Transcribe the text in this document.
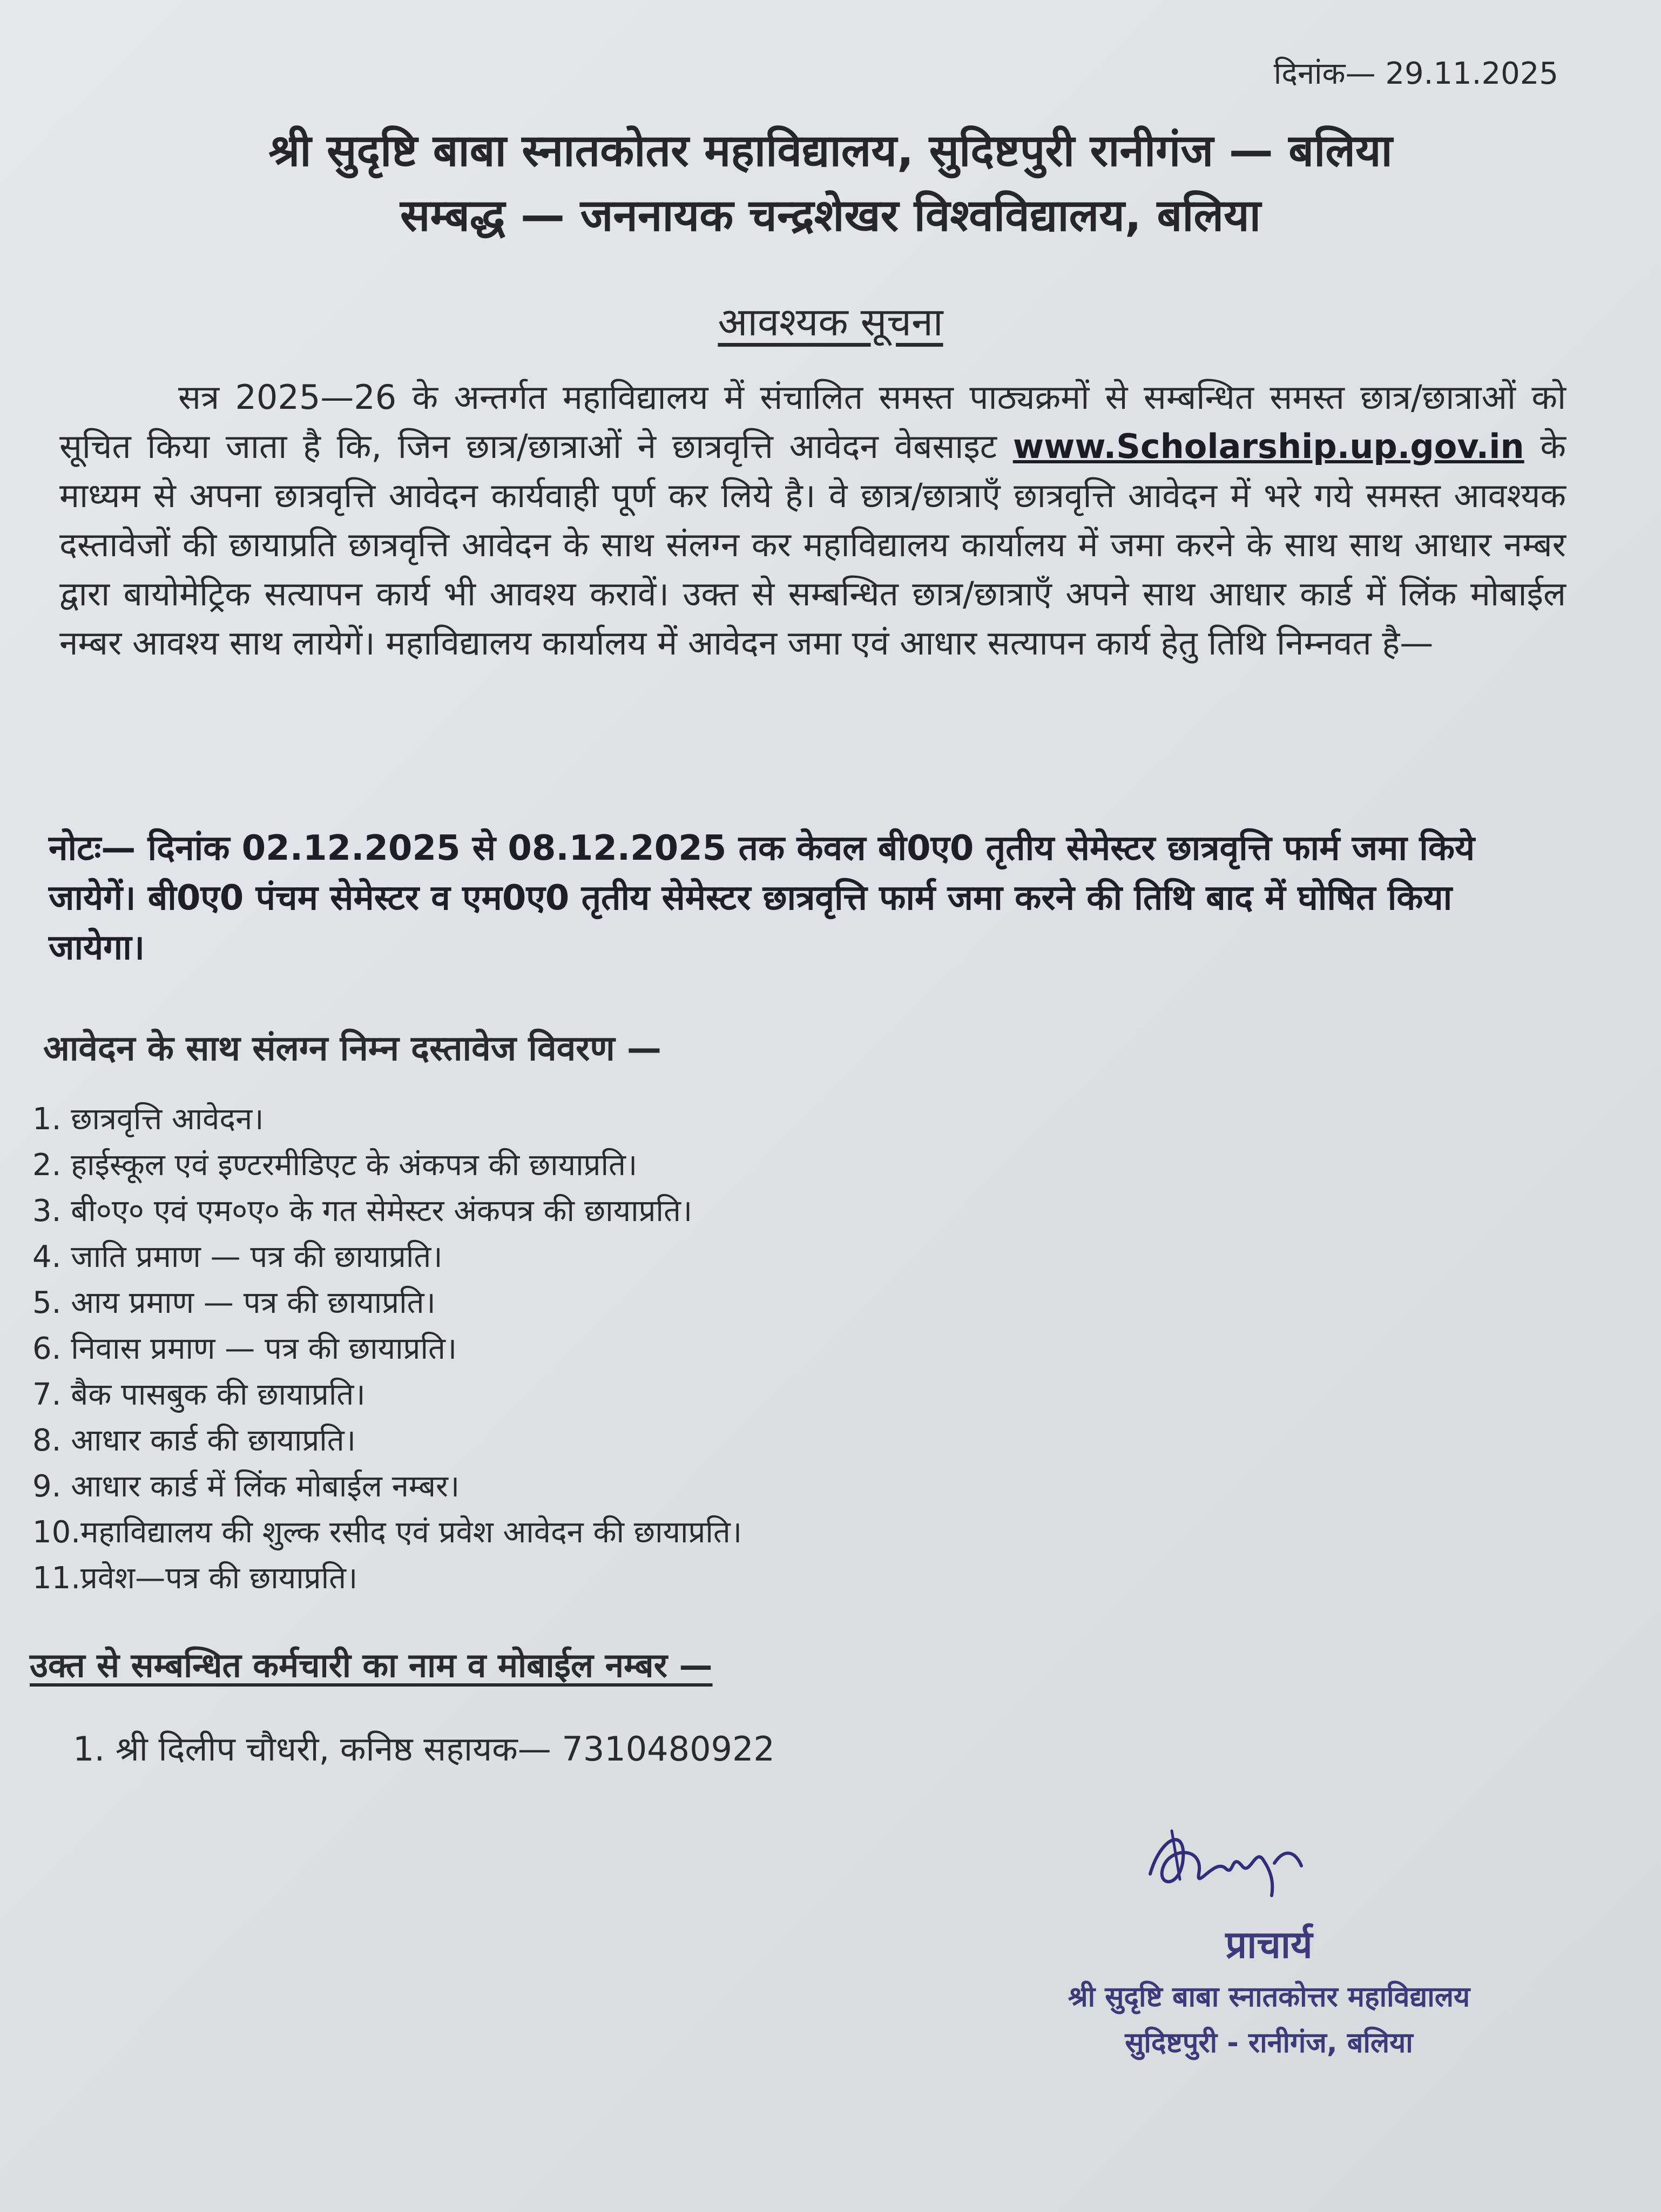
दिनांक— 29.11.2025
श्री सुदृष्टि बाबा स्नातकोतर महाविद्यालय, सुदिष्टपुरी रानीगंज — बलिया
सम्बद्ध — जननायक चन्द्रशेखर विश्वविद्यालय, बलिया
आवश्यक सूचना
सत्र 2025—26 के अन्तर्गत महाविद्यालय में संचालित समस्त पाठ्यक्रमों से सम्बन्धित समस्त छात्र/छात्राओं को सूचित किया जाता है कि, जिन छात्र/छात्राओं ने छात्रवृत्ति आवेदन वेबसाइट www.Scholarship.up.gov.in के माध्यम से अपना छात्रवृत्ति आवेदन कार्यवाही पूर्ण कर लिये है। वे छात्र/छात्राएँ छात्रवृत्ति आवेदन में भरे गये समस्त आवश्यक दस्तावेजों की छायाप्रति छात्रवृत्ति आवेदन के साथ संलग्न कर महाविद्यालय कार्यालय में जमा करने के साथ साथ आधार नम्बर द्वारा बायोमेट्रिक सत्यापन कार्य भी आवश्य करावें। उक्त से सम्बन्धित छात्र/छात्राएँ अपने साथ आधार कार्ड में लिंक मोबाईल नम्बर आवश्य साथ लायेगें। महाविद्यालय कार्यालय में आवेदन जमा एवं आधार सत्यापन कार्य हेतु तिथि निम्नवत है—
नोटः— दिनांक 02.12.2025 से 08.12.2025 तक केवल बी0ए0 तृतीय सेमेस्टर छात्रवृत्ति फार्म जमा किये जायेगें। बी0ए0 पंचम सेमेस्टर व एम0ए0 तृतीय सेमेस्टर छात्रवृत्ति फार्म जमा करने की तिथि बाद में घोषित किया जायेगा।
आवेदन के साथ संलग्न निम्न दस्तावेज विवरण —
1. छात्रवृत्ति आवेदन।
2. हाईस्कूल एवं इण्टरमीडिएट के अंकपत्र की छायाप्रति।
3. बी०ए० एवं एम०ए० के गत सेमेस्टर अंकपत्र की छायाप्रति।
4. जाति प्रमाण — पत्र की छायाप्रति।
5. आय प्रमाण — पत्र की छायाप्रति।
6. निवास प्रमाण — पत्र की छायाप्रति।
7. बैक पासबुक की छायाप्रति।
8. आधार कार्ड की छायाप्रति।
9. आधार कार्ड में लिंक मोबाईल नम्बर।
10.महाविद्यालय की शुल्क रसीद एवं प्रवेश आवेदन की छायाप्रति।
11.प्रवेश—पत्र की छायाप्रति।
उक्त से सम्बन्धित कर्मचारी का नाम व मोबाईल नम्बर —
1. श्री दिलीप चौधरी, कनिष्ठ सहायक— 7310480922
प्राचार्य
श्री सुदृष्टि बाबा स्नातकोत्तर महाविद्यालय
सुदिष्टपुरी - रानीगंज, बलिया
